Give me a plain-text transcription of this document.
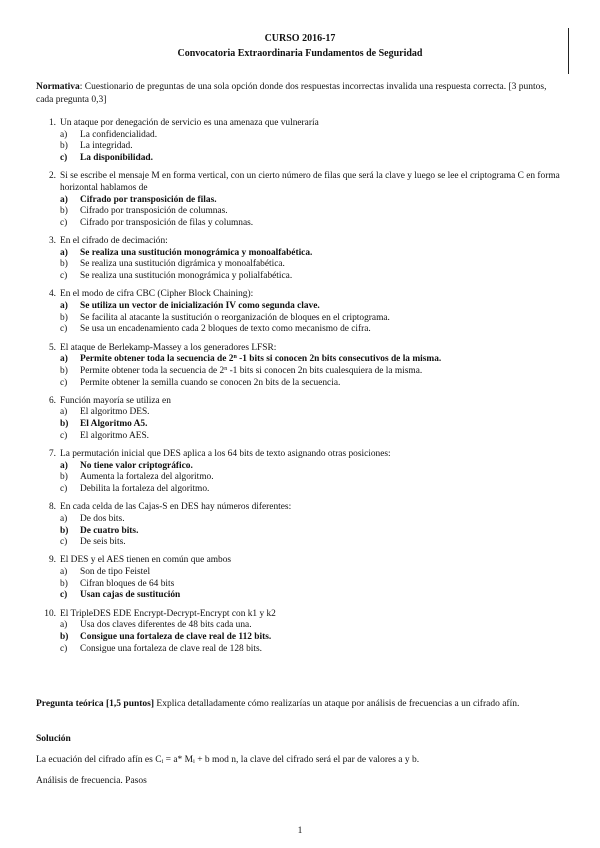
CURSO 2016-17
Convocatoria Extraordinaria Fundamentos de Seguridad
Normativa: Cuestionario de preguntas de una sola opción donde dos respuestas incorrectas invalida una respuesta correcta. [3 puntos, cada pregunta 0,3]
1. Un ataque por denegación de servicio es una amenaza que vulneraría
a) La confidencialidad.
b) La integridad.
c) La disponibilidad.
2. Si se escribe el mensaje M en forma vertical, con un cierto número de filas que será la clave y luego se lee el criptograma C en forma horizontal hablamos de
a) Cifrado por transposición de filas.
b) Cifrado por transposición de columnas.
c) Cifrado por transposición de filas y columnas.
3. En el cifrado de decimación:
a) Se realiza una sustitución monográmica y monoalfabética.
b) Se realiza una sustitución digrámica y monoalfabética.
c) Se realiza una sustitución monográmica y polialfabética.
4. En el modo de cifra CBC (Cipher Block Chaining):
a) Se utiliza un vector de inicialización IV como segunda clave.
b) Se facilita al atacante la sustitución o reorganización de bloques en el criptograma.
c) Se usa un encadenamiento cada 2 bloques de texto como mecanismo de cifra.
5. El ataque de Berlekamp-Massey a los generadores LFSR:
a) Permite obtener toda la secuencia de 2$^n$ -1 bits si conocen 2n bits consecutivos de la misma.
b) Permite obtener toda la secuencia de 2$^n$ -1 bits si conocen 2n bits cualesquiera de la misma.
c) Permite obtener la semilla cuando se conocen 2n bits de la secuencia.
6. Función mayoría se utiliza en
a) El algoritmo DES.
b) El Algoritmo A5.
c) El algoritmo AES.
7. La permutación inicial que DES aplica a los 64 bits de texto asignando otras posiciones:
a) No tiene valor criptográfico.
b) Aumenta la fortaleza del algoritmo.
c) Debilita la fortaleza del algoritmo.
8. En cada celda de las Cajas-S en DES hay números diferentes:
a) De dos bits.
b) De cuatro bits.
c) De seis bits.
9. El DES y el AES tienen en común que ambos
a) Son de tipo Feistel
b) Cifran bloques de 64 bits
c) Usan cajas de sustitución
10. El TripleDES EDE Encrypt-Decrypt-Encrypt con k1 y k2
a) Usa dos claves diferentes de 48 bits cada una.
b) Consigue una fortaleza de clave real de 112 bits.
c) Consigue una fortaleza de clave real de 128 bits.
Pregunta teórica [1,5 puntos] Explica detalladamente cómo realizarías un ataque por análisis de frecuencias a un cifrado afín.
Solución
La ecuación del cifrado afín es $C_i = a*$ $M_i + b$ mod n, la clave del cifrado será el par de valores a y b.
Análisis de frecuencia. Pasos
1
